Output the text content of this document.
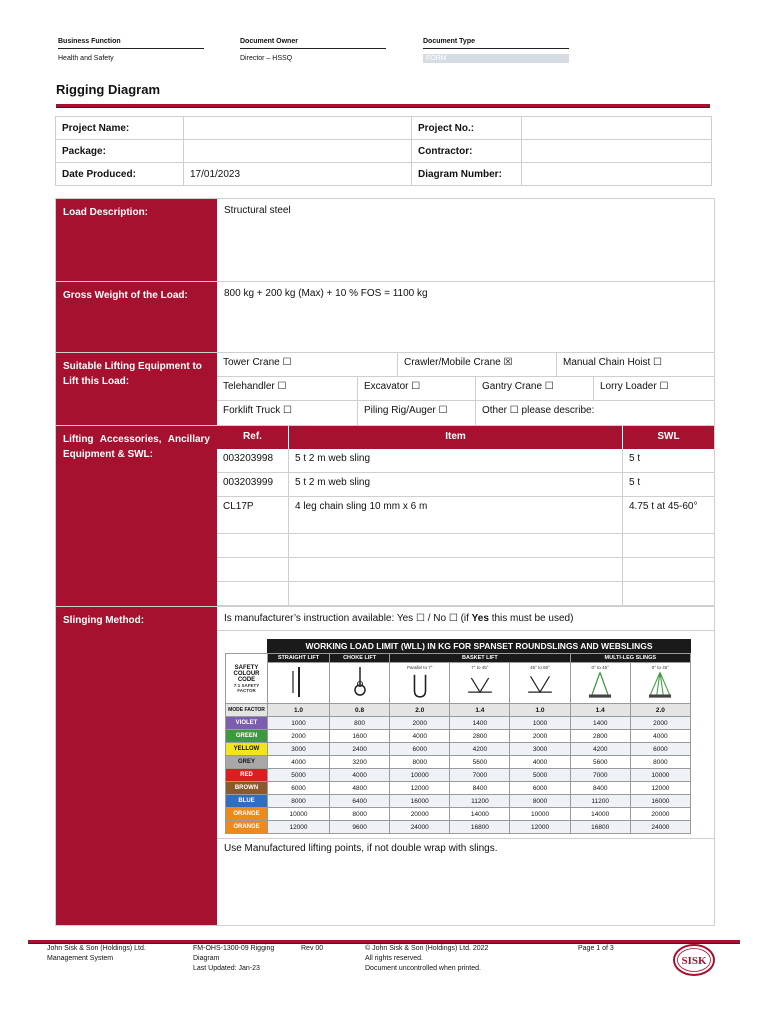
Business Function
Health and Safety
Document Owner
Director – HSSQ
Document Type
FORM
Rigging Diagram
Project Name:		Project No.:	
Package:		Contractor:	
Date Produced:	17/01/2023	Diagram Number:	
Load Description:	Structural steel
Gross Weight of the Load:	800 kg + 200 kg (Max) + 10 % FOS = 1100 kg
Suitable Lifting Equipment to Lift this Load:
Tower Crane ☐	Crawler/Mobile Crane ☒	Manual Chain Hoist ☐
Telehandler ☐	Excavator ☐	Gantry Crane ☐	Lorry Loader ☐
Forklift Truck ☐	Piling Rig/Auger ☐	Other ☐ please describe:
Lifting Accessories, Ancillary Equipment & SWL:
Ref.	Item	SWL
003203998	5 t 2 m web sling	5 t
003203999	5 t 2 m web sling	5 t
CL17P	4 leg chain sling 10 mm x 6 m	4.75 t at 45-60°
Slinging Method:	Is manufacturer’s instruction available: Yes ☐ / No ☐ (if Yes this must be used)
WORKING LOAD LIMIT (WLL) IN KG FOR SPANSET ROUNDSLINGS AND WEBSLINGS
SAFETY COLOUR CODE
7:1 SAFETY FACTOR	STRAIGHT LIFT	CHOKE LIFT	BASKET LIFT			MULTI-LEG SLINGS	

Parallel to 7°	7° to 45°	45° to 60°	0° to 45°	0° to 45°

MODE FACTOR	1.0	0.8	2.0	1.4	1.0	1.4	2.0
VIOLET	1000	800	2000	1400	1000	1400	2000
GREEN	2000	1600	4000	2800	2000	2800	4000
YELLOW	3000	2400	6000	4200	3000	4200	6000
GREY	4000	3200	8000	5600	4000	5600	8000
RED	5000	4000	10000	7000	5000	7000	10000
BROWN	6000	4800	12000	8400	6000	8400	12000
BLUE	8000	6400	16000	11200	8000	11200	16000
ORANGE	10000	8000	20000	14000	10000	14000	20000
ORANGE	12000	9600	24000	16800	12000	16800	24000
Use Manufactured lifting points, if not double wrap with slings.
John Sisk & Son (Holdings) Ltd.
Management System
FM-OHS-1300-09 Rigging
Diagram
Last Updated: Jan-23
Rev 00	© John Sisk & Son (Holdings) Ltd. 2022
All rights reserved.
Document uncontrolled when printed.
Page 1 of 3
SISK
